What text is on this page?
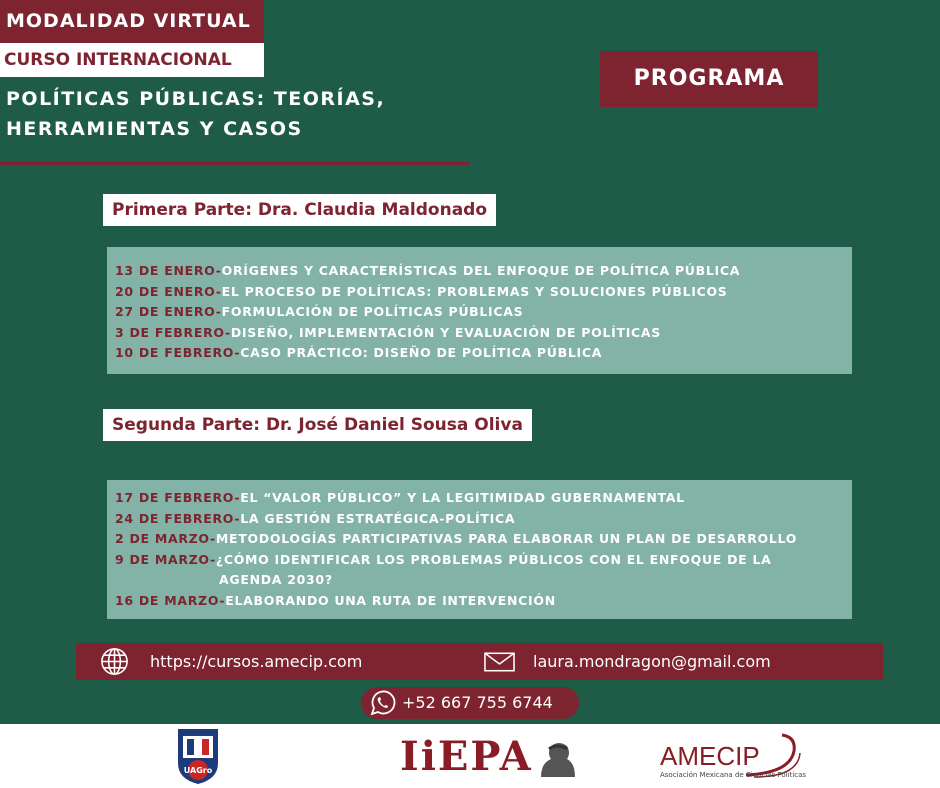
MODALIDAD VIRTUAL
CURSO INTERNACIONAL
POLÍTICAS PÚBLICAS: TEORÍAS,
HERRAMIENTAS Y CASOS
PROGRAMA
Primera Parte: Dra. Claudia Maldonado
13 DE ENERO- ORÍGENES Y CARACTERÍSTICAS DEL ENFOQUE DE POLÍTICA PÚBLICA
20 DE ENERO- EL PROCESO DE POLÍTICAS: PROBLEMAS Y SOLUCIONES PÚBLICOS
27 DE ENERO- FORMULACIÓN DE POLÍTICAS PÚBLICAS
3 DE FEBRERO- DISEÑO, IMPLEMENTACIÓN Y EVALUACIÓN DE POLÍTICAS
10 DE FEBRERO- CASO PRÁCTICO: DISEÑO DE POLÍTICA PÚBLICA
Segunda Parte: Dr. José Daniel Sousa Oliva
17 DE FEBRERO- EL “VALOR PÚBLICO” Y LA LEGITIMIDAD GUBERNAMENTAL
24 DE FEBRERO- LA GESTIÓN ESTRATÉGICA-POLÍTICA
2 DE MARZO- METODOLOGÍAS PARTICIPATIVAS PARA ELABORAR UN PLAN DE DESARROLLO
9 DE MARZO- ¿CÓMO IDENTIFICAR LOS PROBLEMAS PÚBLICOS CON EL ENFOQUE DE LA
AGENDA 2030?
16 DE MARZO- ELABORANDO UNA RUTA DE INTERVENCIÓN
https://cursos.amecip.com	laura.mondragon@gmail.com
+52 667 755 6744
UAGro	IiEPA	AMECIP
Asociación Mexicana de Ciencias Políticas
